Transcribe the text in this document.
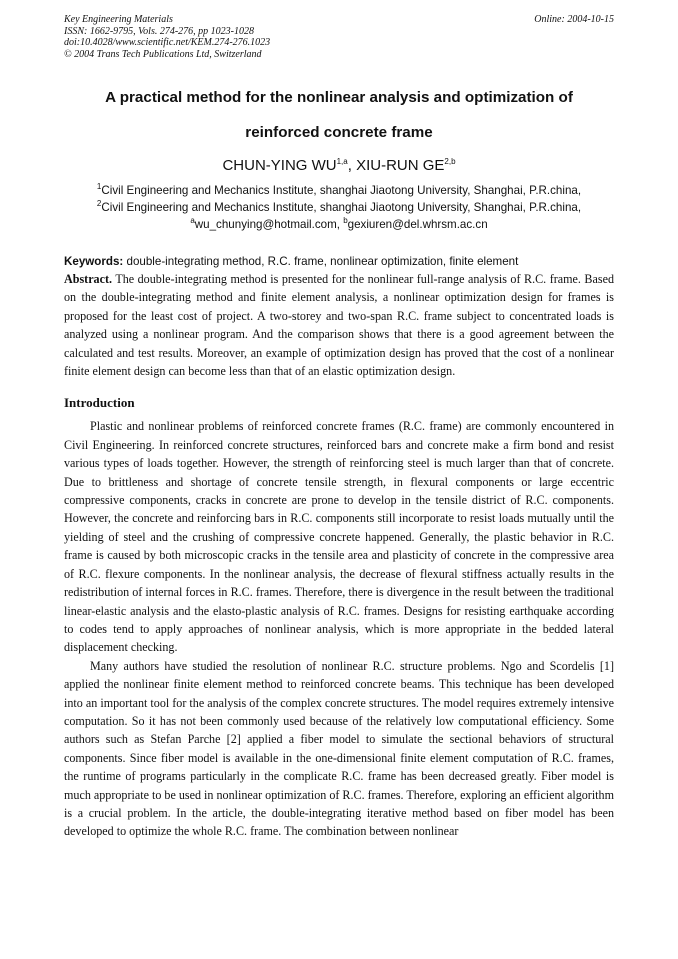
Key Engineering Materials
ISSN: 1662-9795, Vols. 274-276, pp 1023-1028
doi:10.4028/www.scientific.net/KEM.274-276.1023
© 2004 Trans Tech Publications Ltd, Switzerland
Online: 2004-10-15
A practical method for the nonlinear analysis and optimization of
reinforced concrete frame
CHUN-YING WU$^{1,a}$, XIU-RUN GE$^{2,b}$
$^1$Civil Engineering and Mechanics Institute, shanghai Jiaotong University, Shanghai, P.R.china,
$^2$Civil Engineering and Mechanics Institute, shanghai Jiaotong University, Shanghai, P.R.china,
$^a$wu_chunying@hotmail.com, $^b$gexiuren@del.whrsm.ac.cn
Keywords: double-integrating method, R.C. frame, nonlinear optimization, finite element

Abstract. The double-integrating method is presented for the nonlinear full-range analysis of R.C. frame. Based on the double-integrating method and finite element analysis, a nonlinear optimization design for frames is proposed for the least cost of project. A two-storey and two-span R.C. frame subject to concentrated loads is analyzed using a nonlinear program. And the comparison shows that there is a good agreement between the calculated and test results. Moreover, an example of optimization design has proved that the cost of a nonlinear finite element design can become less than that of an elastic optimization design.

Introduction

Plastic and nonlinear problems of reinforced concrete frames (R.C. frame) are commonly encountered in Civil Engineering. In reinforced concrete structures, reinforced bars and concrete make a firm bond and resist various types of loads together. However, the strength of reinforcing steel is much larger than that of concrete. Due to brittleness and shortage of concrete tensile strength, in flexural components or large eccentric compressive components, cracks in concrete are prone to develop in the tensile district of R.C. components. However, the concrete and reinforcing bars in R.C. components still incorporate to resist loads mutually until the yielding of steel and the crushing of compressive concrete happened. Generally, the plastic behavior in R.C. frame is caused by both microscopic cracks in the tensile area and plasticity of concrete in the compressive area of R.C. flexure components. In the nonlinear analysis, the decrease of flexural stiffness actually results in the redistribution of internal forces in R.C. frames. Therefore, there is divergence in the result between the traditional linear-elastic analysis and the elasto-plastic analysis of R.C. frames. Designs for resisting earthquake according to codes tend to apply approaches of nonlinear analysis, which is more appropriate in the bedded lateral displacement checking.

Many authors have studied the resolution of nonlinear R.C. structure problems. Ngo and Scordelis [1] applied the nonlinear finite element method to reinforced concrete beams. This technique has been developed into an important tool for the analysis of the complex concrete structures. The model requires extremely intensive computation. So it has not been commonly used because of the relatively low computational efficiency. Some authors such as Stefan Parche [2] applied a fiber model to simulate the sectional behaviors of structural components. Since fiber model is available in the one-dimensional finite element computation of R.C. frames, the runtime of programs particularly in the complicate R.C. frame has been decreased greatly. Fiber model is much appropriate to be used in nonlinear optimization of R.C. frames. Therefore, exploring an efficient algorithm is a crucial problem. In the article, the double-integrating iterative method based on fiber model has been developed to optimize the whole R.C. frame. The combination between nonlinear
